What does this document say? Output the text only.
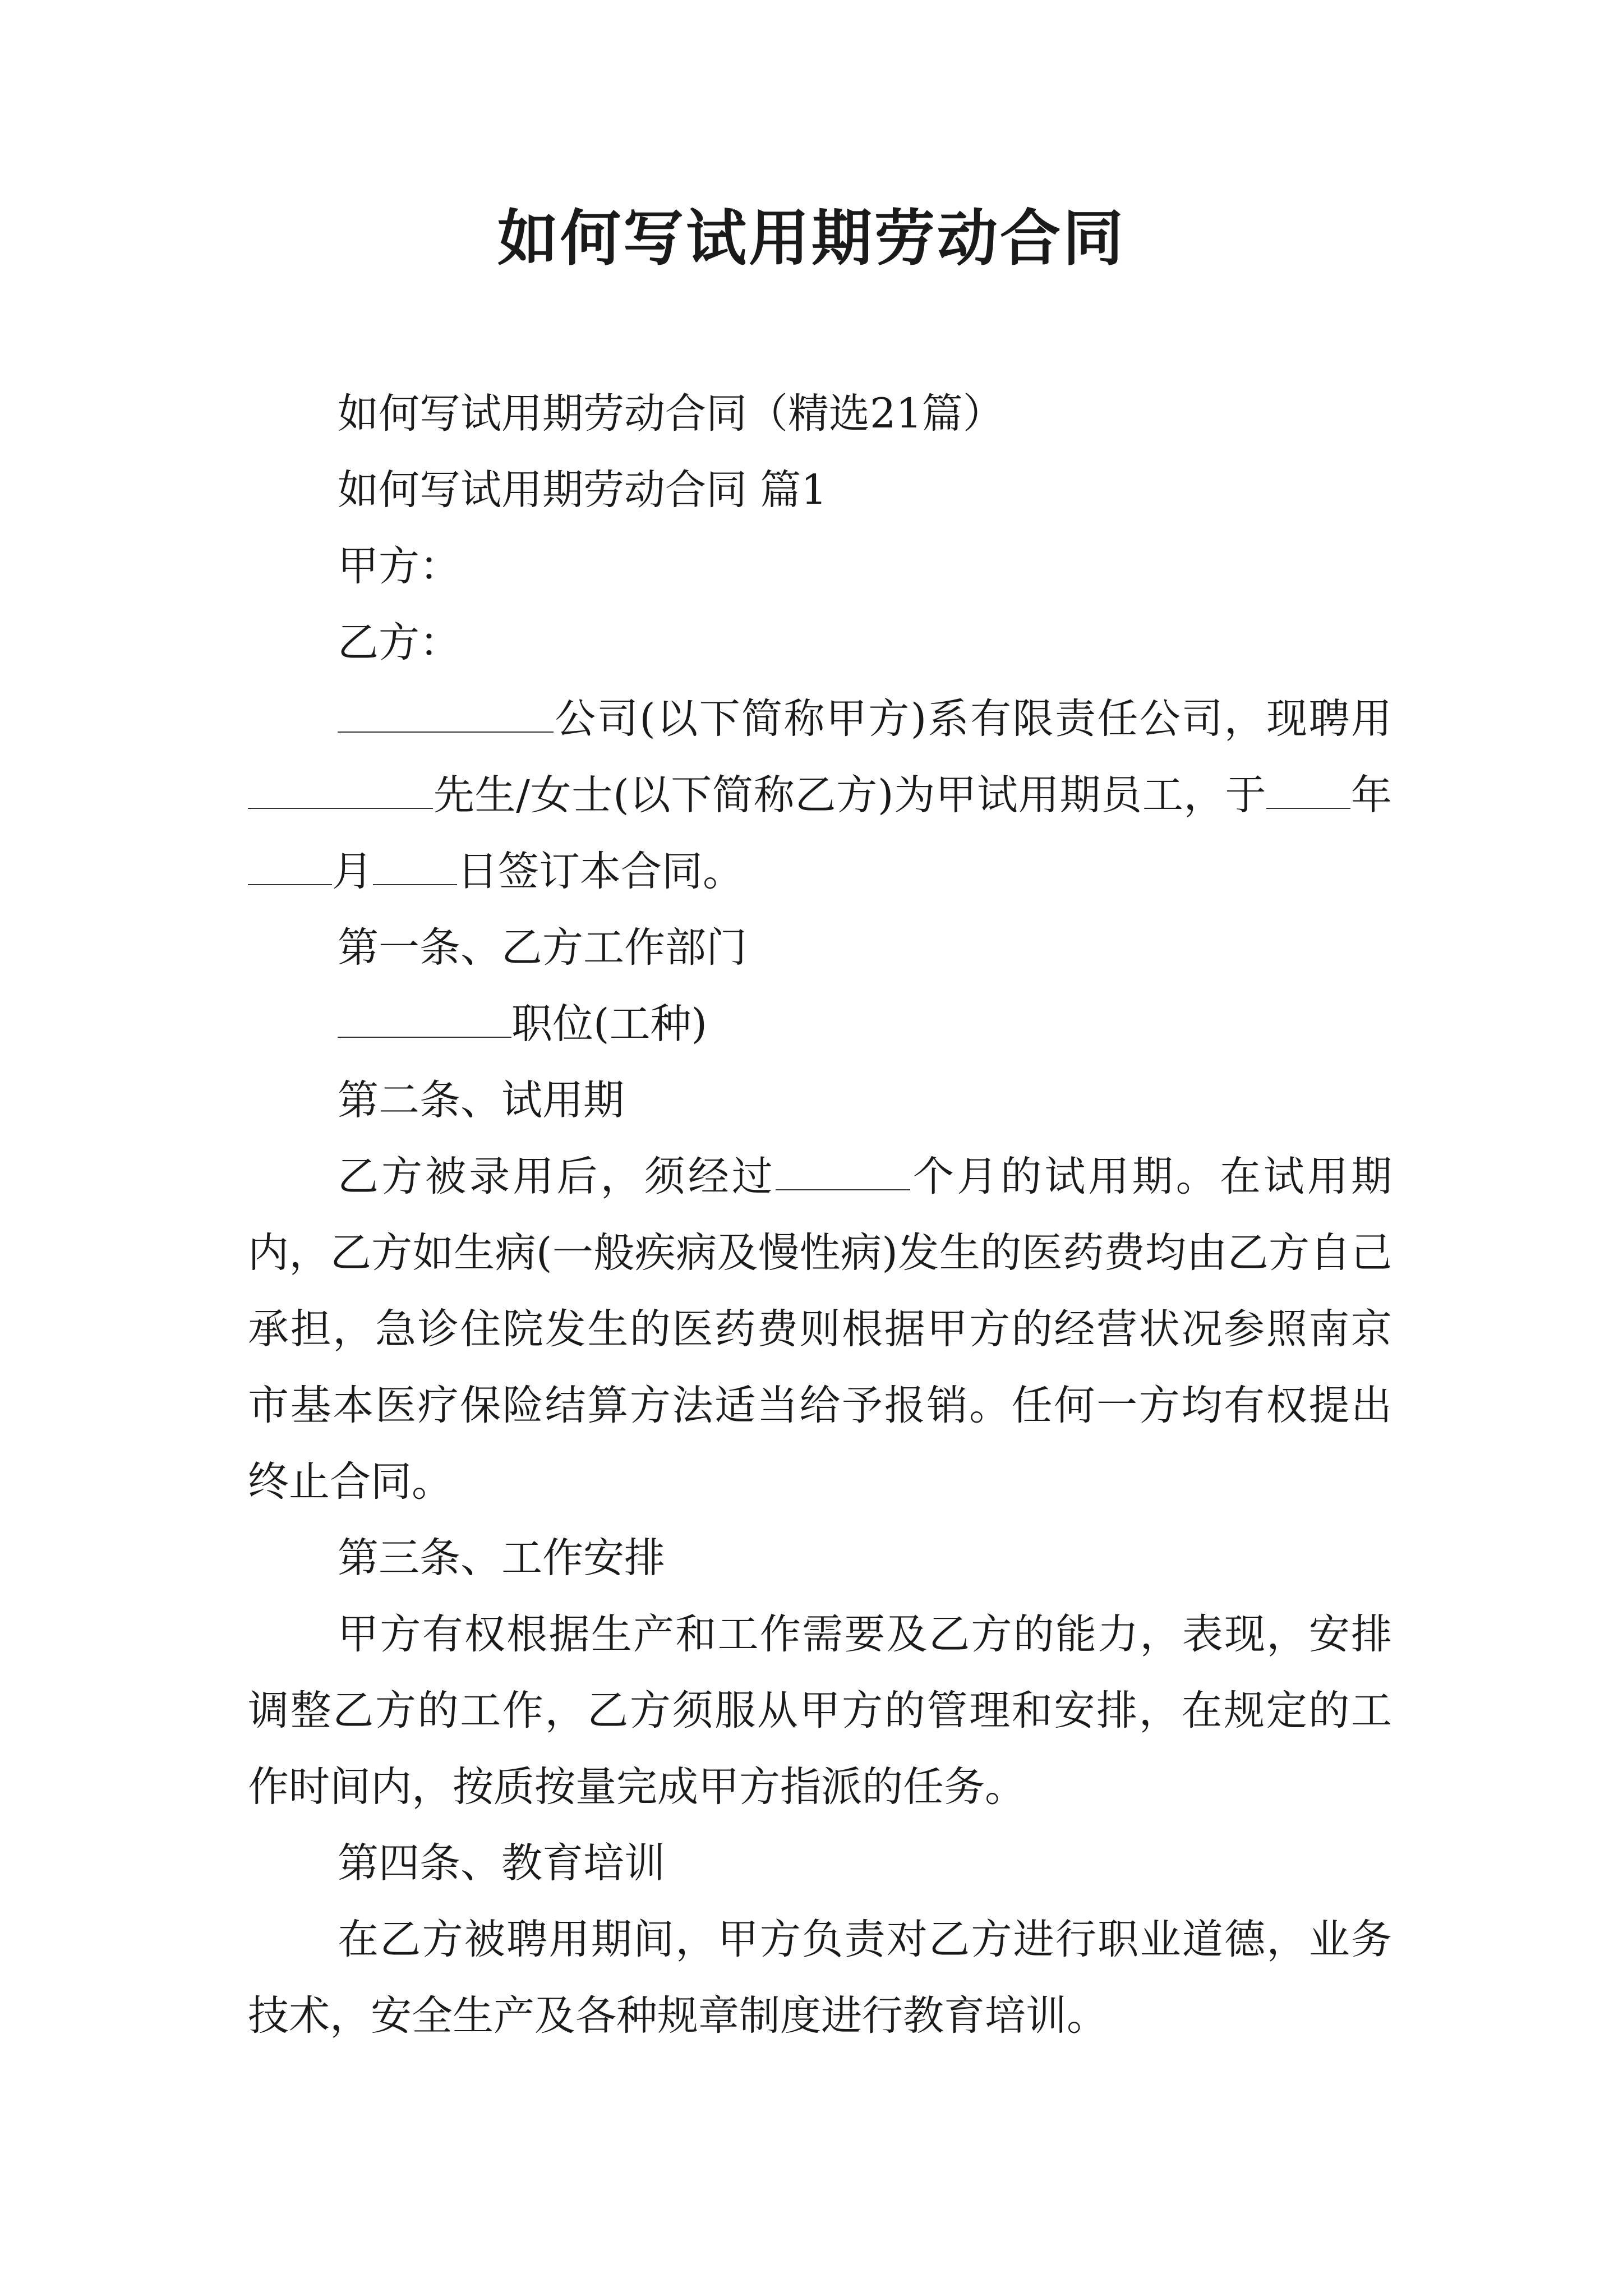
如何写试用期劳动合同

如何写试用期劳动合同（精选21篇）

如何写试用期劳动合同 篇1

甲方：

乙方：

公司(以下简称甲方)系有限责任公司，现聘用先生/女士(以下简称乙方)为甲试用期员工，于 年月 日签订本合同。

第一条、乙方工作部门

职位(工种)

第二条、试用期

乙方被录用后，须经过	个月的试用期。在试用期内，乙方如生病(一般疾病及慢性病)发生的医药费均由乙方自己承担，急诊住院发生的医药费则根据甲方的经营状况参照南京市基本医疗保险结算方法适当给予报销。任何一方均有权提出终止合同。

第三条、工作安排

甲方有权根据生产和工作需要及乙方的能力，表现，安排调整乙方的工作，乙方须服从甲方的管理和安排，在规定的工作时间内，按质按量完成甲方指派的任务。

第四条、教育培训

在乙方被聘用期间，甲方负责对乙方进行职业道德，业务技术，安全生产及各种规章制度进行教育培训。
